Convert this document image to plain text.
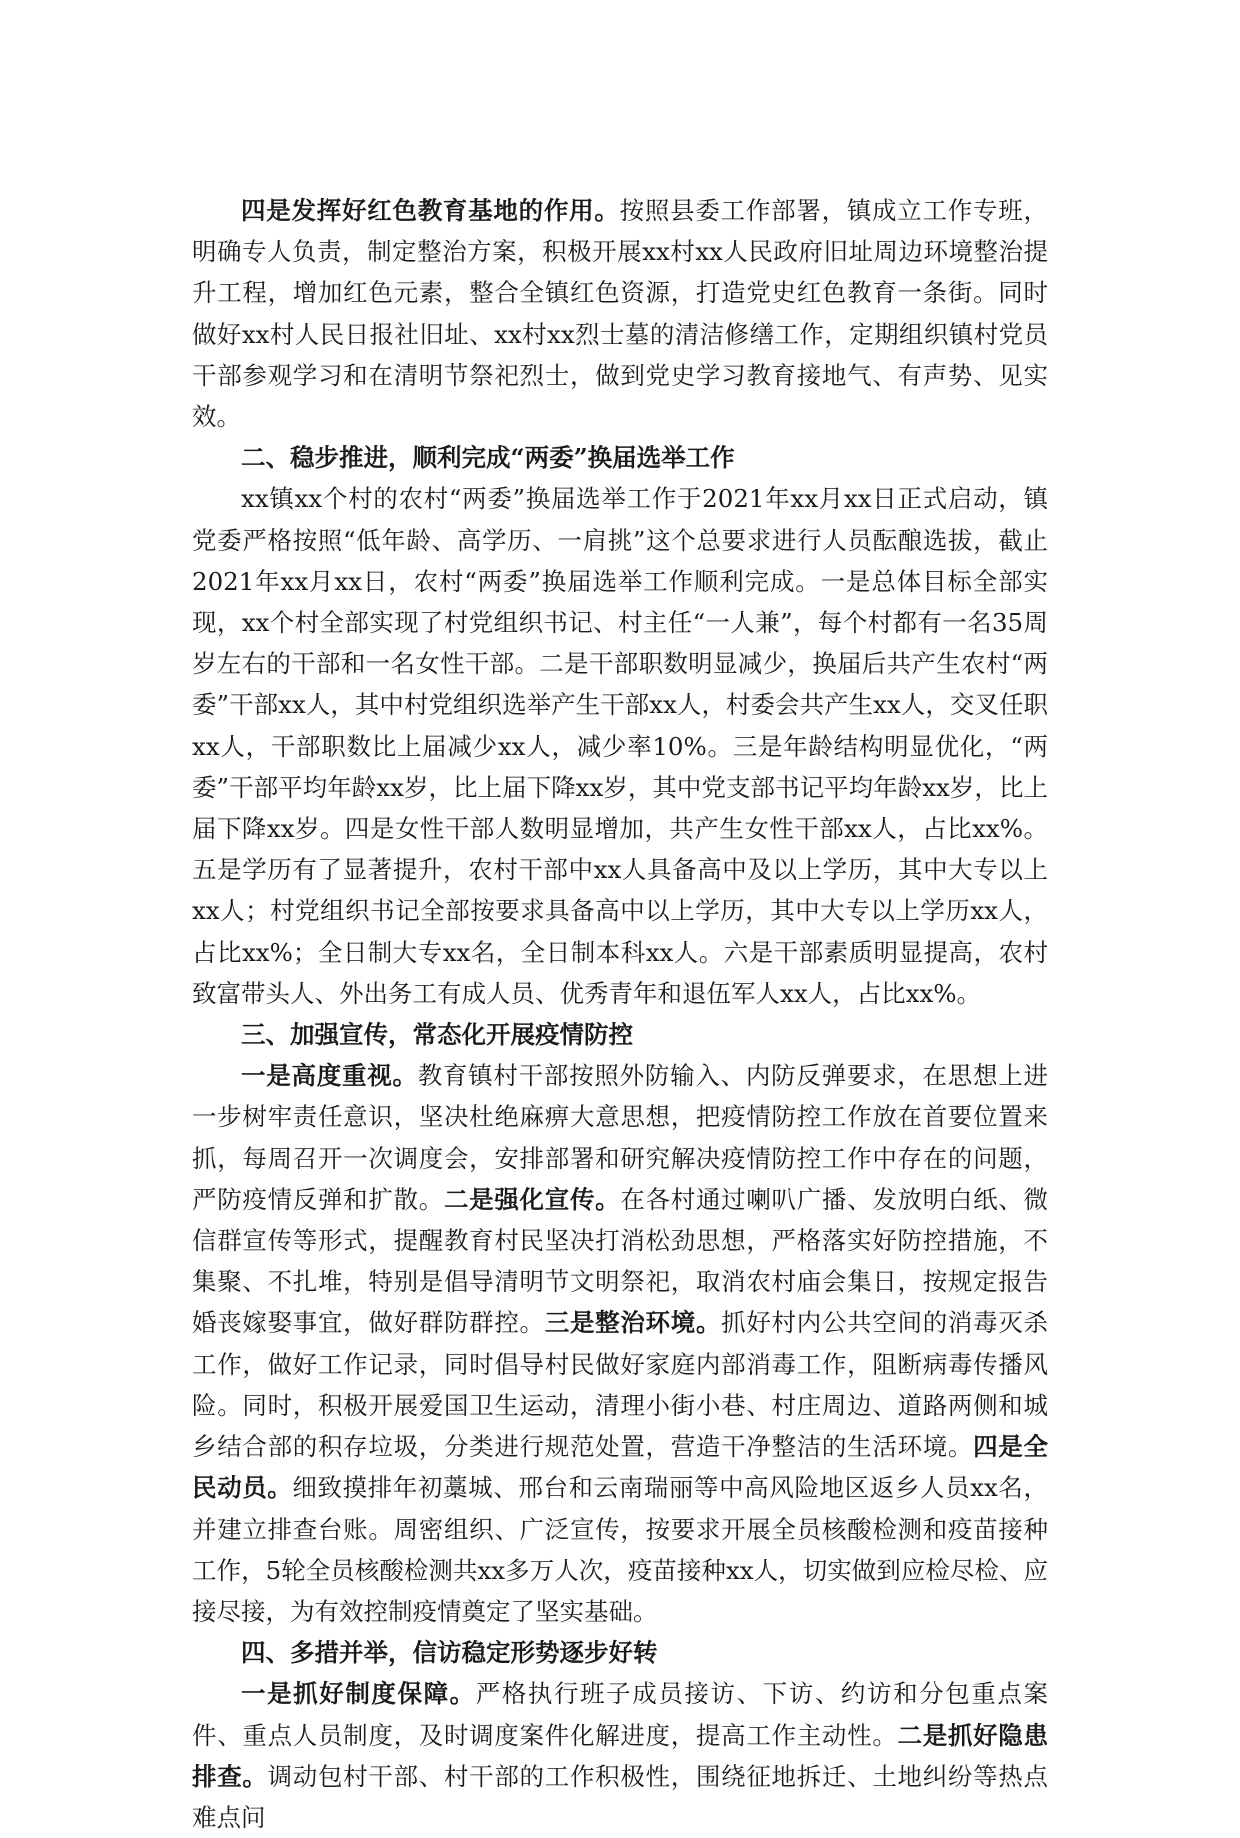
四是发挥好红色教育基地的作用。按照县委工作部署，镇成立工作专班，明确专人负责，制定整治方案，积极开展xx村xx人民政府旧址周边环境整治提升工程，增加红色元素，整合全镇红色资源，打造党史红色教育一条街。同时做好xx村人民日报社旧址、xx村xx烈士墓的清洁修缮工作，定期组织镇村党员干部参观学习和在清明节祭祀烈士，做到党史学习教育接地气、有声势、见实效。

二、稳步推进，顺利完成“两委”换届选举工作

xx镇xx个村的农村“两委”换届选举工作于2021年xx月xx日正式启动，镇党委严格按照“低年龄、高学历、一肩挑”这个总要求进行人员酝酿选拔，截止2021年xx月xx日，农村“两委”换届选举工作顺利完成。一是总体目标全部实现，xx个村全部实现了村党组织书记、村主任“一人兼”，每个村都有一名35周岁左右的干部和一名女性干部。二是干部职数明显减少，换届后共产生农村“两委”干部xx人，其中村党组织选举产生干部xx人，村委会共产生xx人，交叉任职xx人，干部职数比上届减少xx人，减少率10%。三是年龄结构明显优化，“两委”干部平均年龄xx岁，比上届下降xx岁，其中党支部书记平均年龄xx岁，比上届下降xx岁。四是女性干部人数明显增加，共产生女性干部xx人，占比xx%。五是学历有了显著提升，农村干部中xx人具备高中及以上学历，其中大专以上xx人；村党组织书记全部按要求具备高中以上学历，其中大专以上学历xx人，占比xx%；全日制大专xx名，全日制本科xx人。六是干部素质明显提高，农村致富带头人、外出务工有成人员、优秀青年和退伍军人xx人，占比xx%。

三、加强宣传，常态化开展疫情防控

一是高度重视。教育镇村干部按照外防输入、内防反弹要求，在思想上进一步树牢责任意识，坚决杜绝麻痹大意思想，把疫情防控工作放在首要位置来抓，每周召开一次调度会，安排部署和研究解决疫情防控工作中存在的问题，严防疫情反弹和扩散。二是强化宣传。在各村通过喇叭广播、发放明白纸、微信群宣传等形式，提醒教育村民坚决打消松劲思想，严格落实好防控措施，不集聚、不扎堆，特别是倡导清明节文明祭祀，取消农村庙会集日，按规定报告婚丧嫁娶事宜，做好群防群控。三是整治环境。抓好村内公共空间的消毒灭杀工作，做好工作记录，同时倡导村民做好家庭内部消毒工作，阻断病毒传播风险。同时，积极开展爱国卫生运动，清理小街小巷、村庄周边、道路两侧和城乡结合部的积存垃圾，分类进行规范处置，营造干净整洁的生活环境。四是全民动员。细致摸排年初藁城、邢台和云南瑞丽等中高风险地区返乡人员xx名，并建立排查台账。周密组织、广泛宣传，按要求开展全员核酸检测和疫苗接种工作，5轮全员核酸检测共xx多万人次，疫苗接种xx人，切实做到应检尽检、应接尽接，为有效控制疫情奠定了坚实基础。

四、多措并举，信访稳定形势逐步好转

一是抓好制度保障。严格执行班子成员接访、下访、约访和分包重点案件、重点人员制度，及时调度案件化解进度，提高工作主动性。二是抓好隐患排查。调动包村干部、村干部的工作积极性，围绕征地拆迁、土地纠纷等热点难点问
